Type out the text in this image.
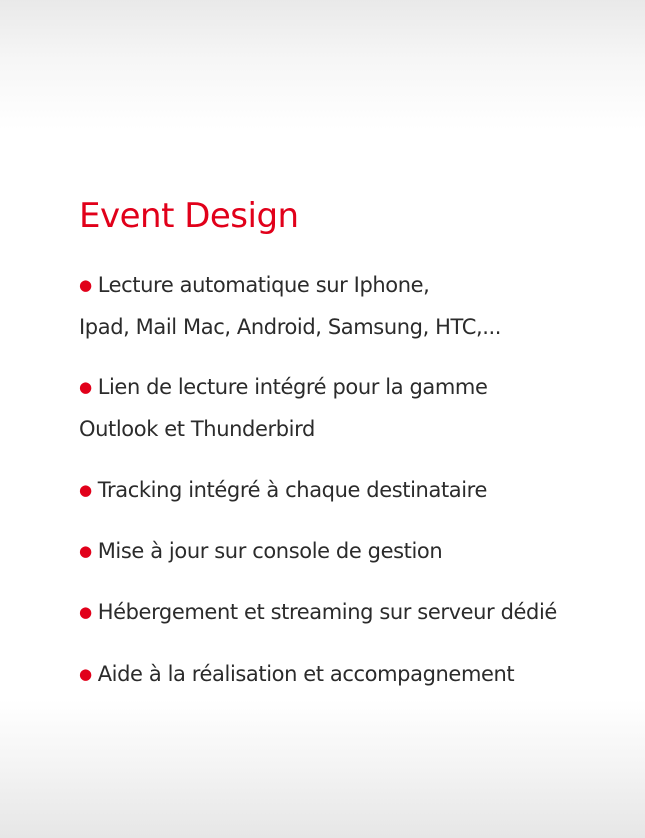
Event Design
● Lecture automatique sur Iphone,
Ipad, Mail Mac, Android, Samsung, HTC,...
● Lien de lecture intégré pour la gamme
Outlook et Thunderbird
● Tracking intégré à chaque destinataire
● Mise à jour sur console de gestion
● Hébergement et streaming sur serveur dédié
● Aide à la réalisation et accompagnement
